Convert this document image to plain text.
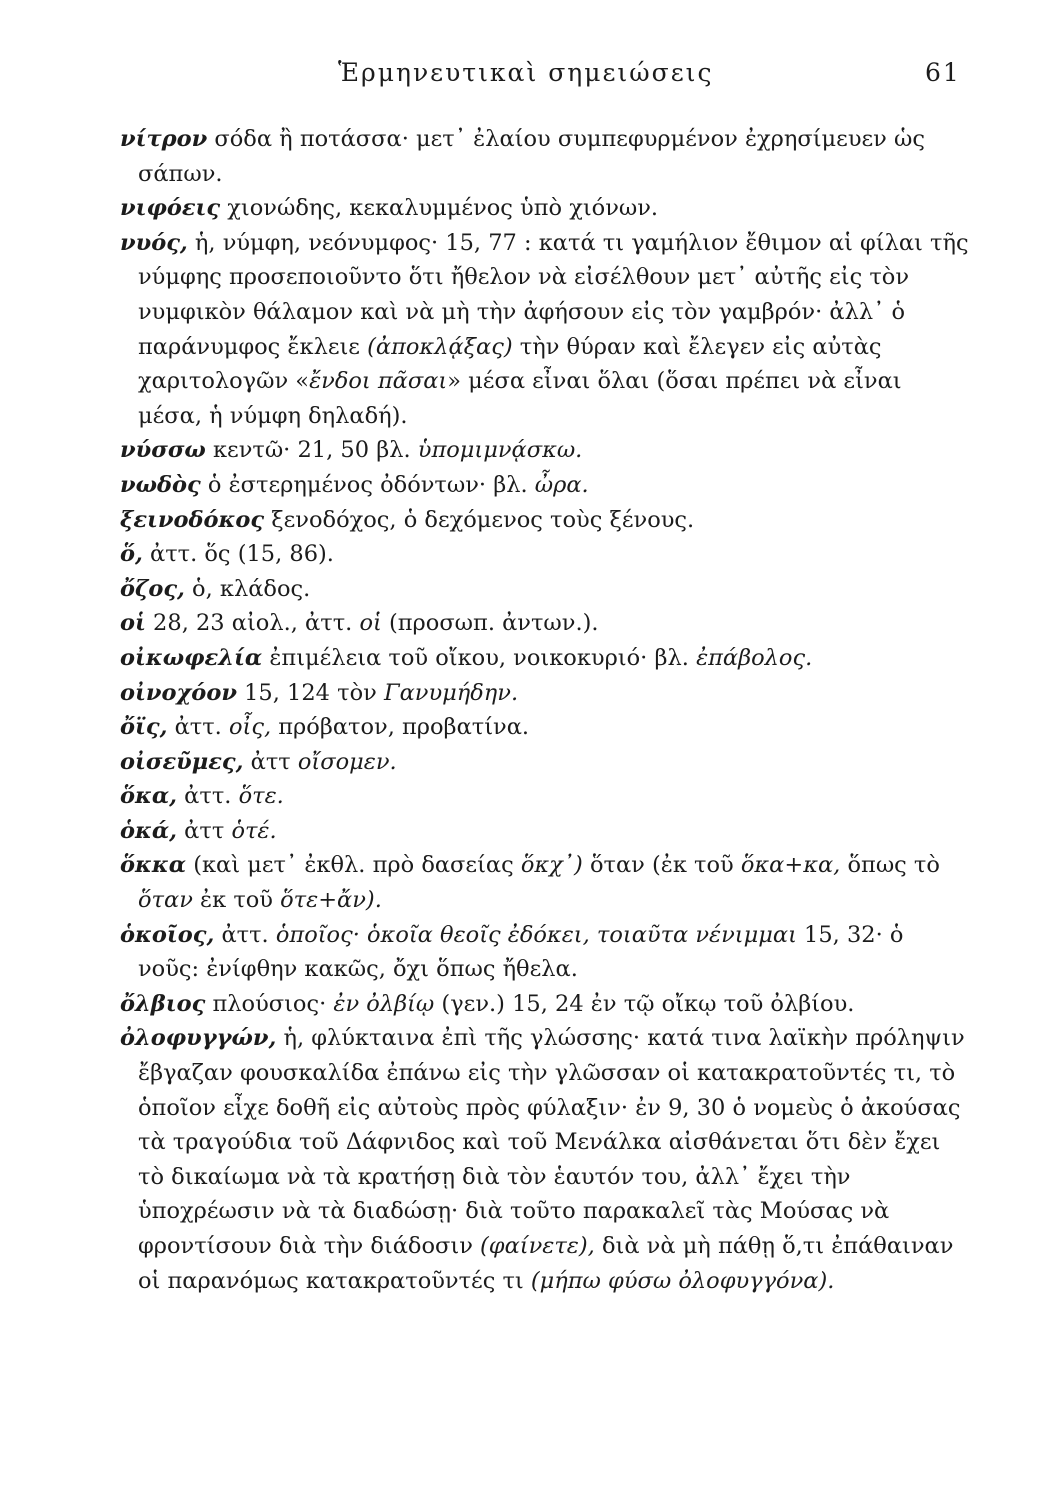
Ἑρμηνευτικαὶ σημειώσεις	61

νίτρον σόδα ἢ ποτάσσα· μετ᾽ ἐλαίου συμπεφυρμένον ἐχρησίμευεν ὡς σάπων.

νιφόεις χιονώδης, κεκαλυμμένος ὑπὸ χιόνων.

νυός, ἡ, νύμφη, νεόνυμφος· 15, 77 : κατά τι γαμήλιον ἔθιμον αἱ φίλαι τῆς νύμφης προσεποιοῦντο ὅτι ἤθελον νὰ εἰσέλθουν μετ᾽ αὐτῆς εἰς τὸν νυμφικὸν θάλαμον καὶ νὰ μὴ τὴν ἀφήσουν εἰς τὸν γαμβρόν· ἀλλ᾽ ὁ παράνυμφος ἔκλειε (ἀποκλᾴξας) τὴν θύραν καὶ ἔλεγεν εἰς αὐτὰς χαριτολογῶν «ἔνδοι πᾶσαι» μέσα εἶναι ὅλαι (ὅσαι πρέπει νὰ εἶναι μέσα, ἡ νύμφη δηλαδή).

νύσσω κεντῶ· 21, 50 βλ. ὑπομιμνᾴσκω.

νωδὸς ὁ ἐστερημένος ὀδόντων· βλ. ὦρα.

ξεινοδόκος ξενοδόχος, ὁ δεχόμενος τοὺς ξένους.

ὅ, ἀττ. ὅς (15, 86).

ὄζος, ὁ, κλάδος.

οἱ 28, 23 αἰολ., ἀττ. οἱ (προσωπ. ἀντων.).

οἰκωφελία ἐπιμέλεια τοῦ οἴκου, νοικοκυριό· βλ. ἐπάβολος.

οἰνοχόον 15, 124 τὸν Γανυμήδην.

ὄϊς, ἀττ. οἶς, πρόβατον, προβατίνα.

οἰσεῦμες, ἀττ οἴσομεν.

ὅκα, ἀττ. ὅτε.

ὁκά, ἀττ ὁτέ.

ὅκκα (καὶ μετ᾽ ἐκθλ. πρὸ δασείας ὅκχ᾽) ὅταν (ἐκ τοῦ ὅκα+κα, ὅπως τὸ ὅταν ἐκ τοῦ ὅτε+ἄν).

ὁκοῖος, ἀττ. ὁποῖος· ὁκοῖα θεοῖς ἐδόκει, τοιαῦτα νένιμμαι 15, 32· ὁ νοῦς: ἐνίφθην κακῶς, ὄχι ὅπως ἤθελα.

ὄλβιος πλούσιος· ἐν ὀλβίῳ (γεν.) 15, 24 ἐν τῷ οἴκῳ τοῦ ὀλβίου.

ὀλοφυγγών, ἡ, φλύκταινα ἐπὶ τῆς γλώσσης· κατά τινα λαϊκὴν πρόληψιν ἔβγαζαν φουσκαλίδα ἐπάνω εἰς τὴν γλῶσσαν οἱ κατακρατοῦντές τι, τὸ ὁποῖον εἶχε δοθῆ εἰς αὐτοὺς πρὸς φύλαξιν· ἐν 9, 30 ὁ νομεὺς ὁ ἀκούσας τὰ τραγούδια τοῦ Δάφνιδος καὶ τοῦ Μενάλκα αἰσθάνεται ὅτι δὲν ἔχει τὸ δικαίωμα νὰ τὰ κρατήσῃ διὰ τὸν ἑαυτόν του, ἀλλ᾽ ἔχει τὴν ὑποχρέωσιν νὰ τὰ διαδώσῃ· διὰ τοῦτο παρακαλεῖ τὰς Μούσας νὰ φροντίσουν διὰ τὴν διάδοσιν (φαίνετε), διὰ νὰ μὴ πάθῃ ὅ,τι ἐπάθαιναν οἱ παρανόμως κατακρατοῦντές τι (μήπω φύσω ὀλοφυγγόνα).
